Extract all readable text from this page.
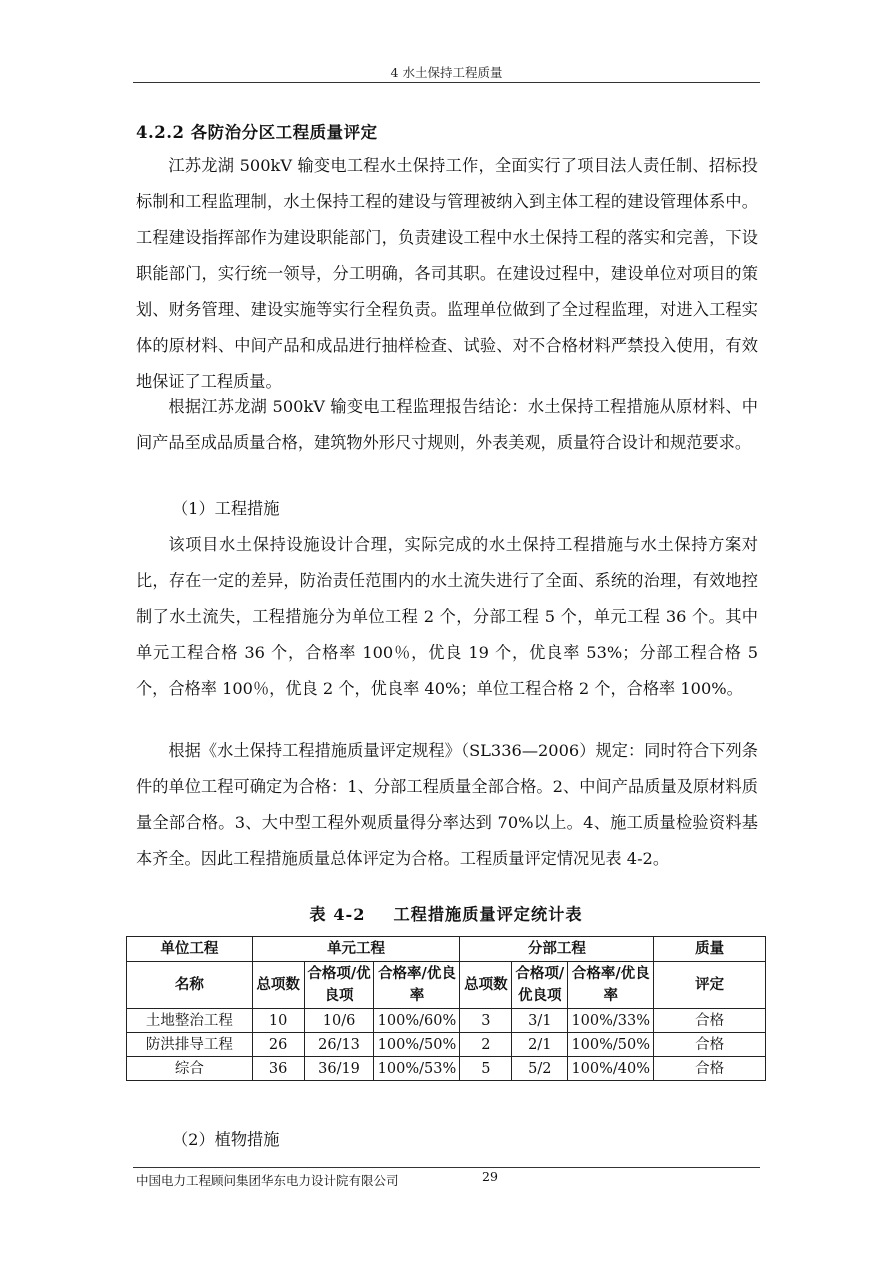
4 水土保持工程质量
4.2.2 各防治分区工程质量评定

江苏龙湖 500kV 输变电工程水土保持工作，全面实行了项目法人责任制、招标投标制和工程监理制，水土保持工程的建设与管理被纳入到主体工程的建设管理体系中。工程建设指挥部作为建设职能部门，负责建设工程中水土保持工程的落实和完善，下设职能部门，实行统一领导，分工明确，各司其职。在建设过程中，建设单位对项目的策划、财务管理、建设实施等实行全程负责。监理单位做到了全过程监理，对进入工程实体的原材料、中间产品和成品进行抽样检查、试验、对不合格材料严禁投入使用，有效地保证了工程质量。

根据江苏龙湖 500kV 输变电工程监理报告结论：水土保持工程措施从原材料、中间产品至成品质量合格，建筑物外形尺寸规则，外表美观，质量符合设计和规范要求。

（1）工程措施

该项目水土保持设施设计合理，实际完成的水土保持工程措施与水土保持方案对比，存在一定的差异，防治责任范围内的水土流失进行了全面、系统的治理，有效地控制了水土流失，工程措施分为单位工程 2 个，分部工程 5 个，单元工程 36 个。其中单元工程合格 36 个，合格率 100％，优良 19 个，优良率 53%；分部工程合格 5 个，合格率 100％，优良 2 个，优良率 40%；单位工程合格 2 个，合格率 100%。

根据《水土保持工程措施质量评定规程》（SL336—2006）规定：同时符合下列条件的单位工程可确定为合格：1、分部工程质量全部合格。2、中间产品质量及原材料质量全部合格。3、大中型工程外观质量得分率达到 70%以上。4、施工质量检验资料基本齐全。因此工程措施质量总体评定为合格。工程质量评定情况见表 4-2。

表 4-2 工程措施质量评定统计表
单位工程	单元工程			分部工程			质量
名称	总项数	合格项/优良项	合格率/优良率	总项数	合格项/优良项	合格率/优良率	评定
土地整治工程	10	10/6	100%/60%	3	3/1	100%/33%	合格
防洪排导工程	26	26/13	100%/50%	2	2/1	100%/50%	合格
综合	36	36/19	100%/53%	5	5/2	100%/40%	合格
（2）植物措施
中国电力工程顾问集团华东电力设计院有限公司	29
